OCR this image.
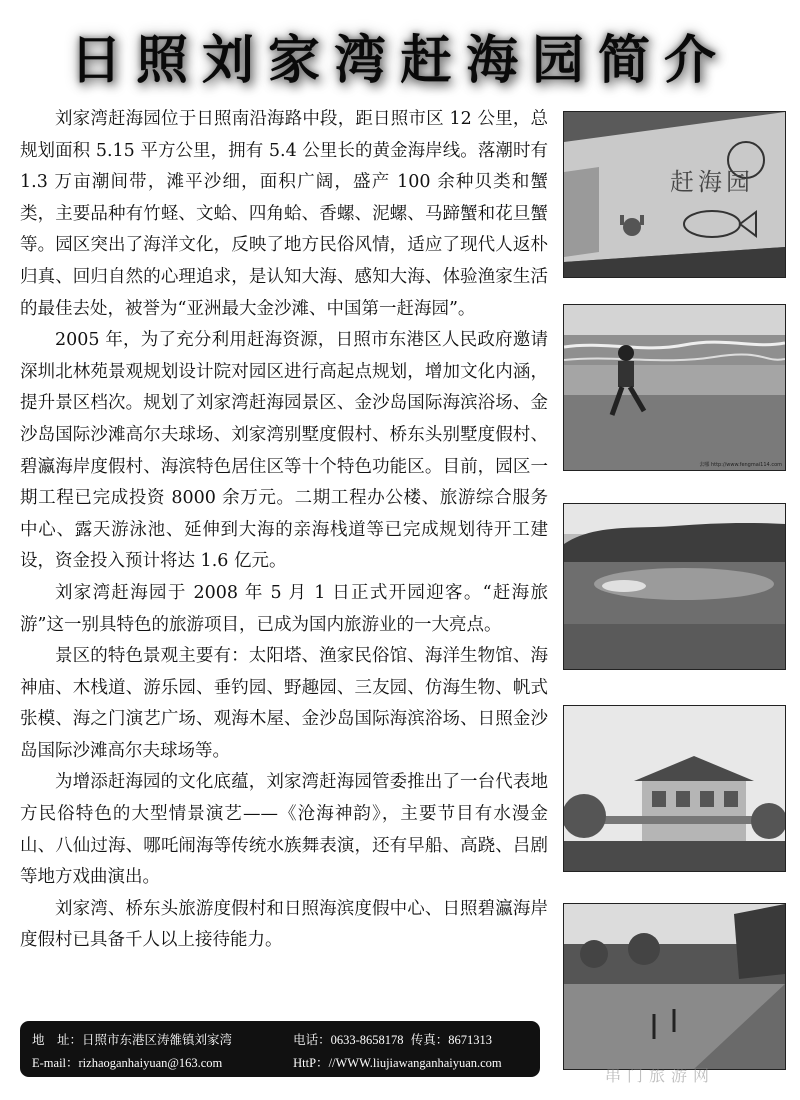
日照刘家湾赶海园简介

刘家湾赶海园位于日照南沿海路中段，距日照市区 12 公里，总规划面积 5.15 平方公里，拥有 5.4 公里长的黄金海岸线。落潮时有 1.3 万亩潮间带，滩平沙细，面积广阔，盛产 100 余种贝类和蟹类，主要品种有竹蛏、文蛤、四角蛤、香螺、泥螺、马蹄蟹和花旦蟹等。园区突出了海洋文化，反映了地方民俗风情，适应了现代人返朴归真、回归自然的心理追求，是认知大海、感知大海、体验渔家生活的最佳去处，被誉为“亚洲最大金沙滩、中国第一赶海园”。

2005 年，为了充分利用赶海资源，日照市东港区人民政府邀请深圳北林苑景观规划设计院对园区进行高起点规划，增加文化内涵，提升景区档次。规划了刘家湾赶海园景区、金沙岛国际海滨浴场、金沙岛国际沙滩高尔夫球场、刘家湾别墅度假村、桥东头别墅度假村、碧瀛海岸度假村、海滨特色居住区等十个特色功能区。目前，园区一期工程已完成投资 8000 余万元。二期工程办公楼、旅游综合服务中心、露天游泳池、延伸到大海的亲海栈道等已完成规划待开工建设，资金投入预计将达 1.6 亿元。

刘家湾赶海园于 2008 年 5 月 1 日正式开园迎客。“赶海旅游”这一别具特色的旅游项目，已成为国内旅游业的一大亮点。

景区的特色景观主要有：太阳塔、渔家民俗馆、海洋生物馆、海神庙、木栈道、游乐园、垂钓园、野趣园、三友园、仿海生物、帆式张模、海之门演艺广场、观海木屋、金沙岛国际海滨浴场、日照金沙岛国际沙滩高尔夫球场等。

为增添赶海园的文化底蕴，刘家湾赶海园管委推出了一台代表地方民俗特色的大型情景演艺——《沧海神韵》，主要节目有水漫金山、八仙过海、哪吒闹海等传统水族舞表演，还有早船、高跷、吕剧等地方戏曲演出。

刘家湾、桥东头旅游度假村和日照海滨度假中心、日照碧瀛海岸度假村已具备千人以上接待能力。

赶海园
去哪 http://www.fengmai114.com
地　址：日照市东港区涛雒镇刘家湾	电话：0633-8658178 传真：8671313
E-mail：rizhaoganhaiyuan@163.com	HttP：//WWW.liujiawanganhaiyuan.com
串门旅游网
